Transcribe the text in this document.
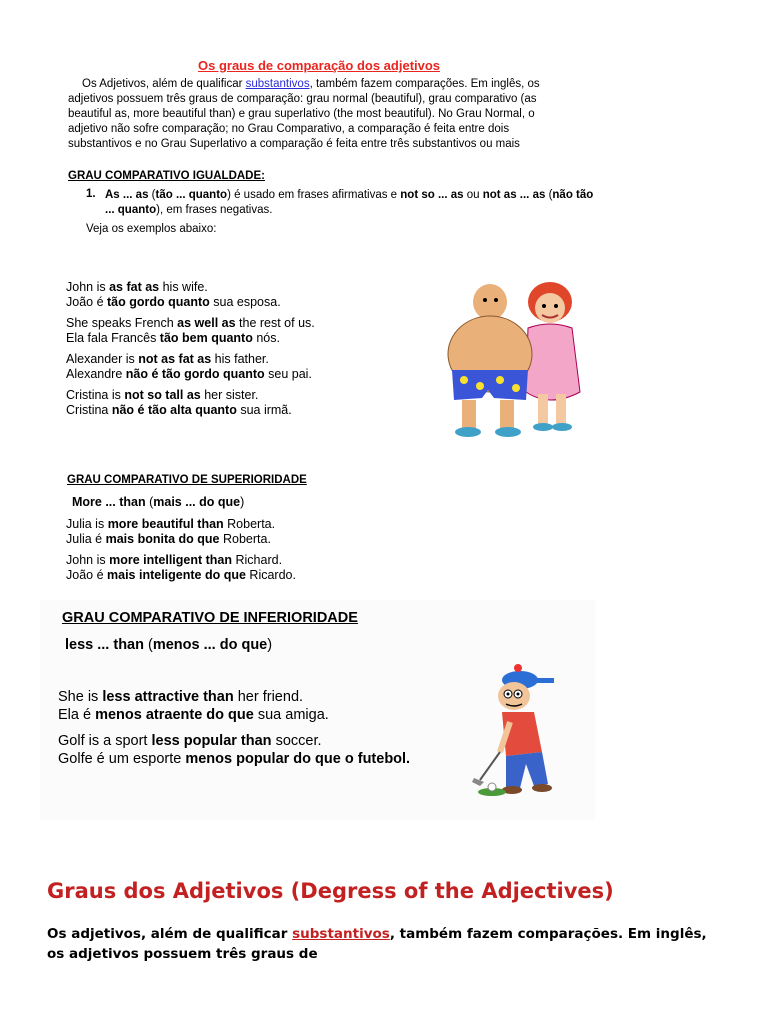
Os graus de comparação dos adjetivos
Os Adjetivos, além de qualificar substantivos, também fazem comparações. Em inglês, os adjetivos possuem três graus de comparação: grau normal (beautiful), grau comparativo (as beautiful as, more beautiful than) e grau superlativo (the most beautiful). No Grau Normal, o adjetivo não sofre comparação; no Grau Comparativo, a comparação é feita entre dois substantivos e no Grau Superlativo a comparação é feita entre três substantivos ou mais
GRAU COMPARATIVO IGUALDADE:
1. As ... as (tão ... quanto) é usado em frases afirmativas e not so ... as ou not as ... as (não tão ... quanto), em frases negativas.
Veja os exemplos abaixo:
John is as fat as his wife.
João é tão gordo quanto sua esposa.
She speaks French as well as the rest of us.
Ela fala Francês tão bem quanto nós.
Alexander is not as fat as his father.
Alexandre não é tão gordo quanto seu pai.
Cristina is not so tall as her sister.
Cristina não é tão alta quanto sua irmã.
GRAU COMPARATIVO DE SUPERIORIDADE
More ... than (mais ... do que)
Julia is more beautiful than Roberta.
Julia é mais bonita do que Roberta.
John is more intelligent than Richard.
João é mais inteligente do que Ricardo.
GRAU COMPARATIVO DE INFERIORIDADE
less ... than (menos ... do que)
She is less attractive than her friend.
Ela é menos atraente do que sua amiga.
Golf is a sport less popular than soccer.
Golfe é um esporte menos popular do que o futebol.
Graus dos Adjetivos (Degress of the Adjectives)
Os adjetivos, além de qualificar substantivos, também fazem comparações. Em inglês, os adjetivos possuem três graus de
